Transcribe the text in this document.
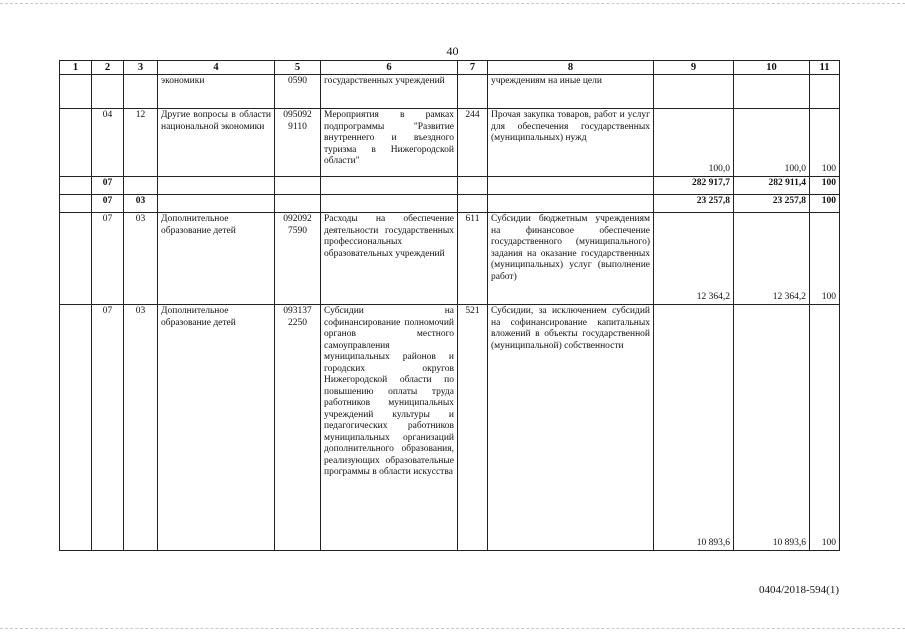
40
1	2	3	4	5	6	7	8	9	10	11
			экономики	0590	государственных учреждений		учреждениям на иные цели			
	04	12	Другие вопросы в области национальной экономики	095092 9110	Мероприятия в рамках подпрограммы "Развитие внутреннего и въездного туризма в Нижегородской области"	244	Прочая закупка товаров, работ и услуг для обеспечения государственных (муниципальных) нужд	100,0	100,0	100
	07							282 917,7	282 911,4	100
	07	03						23 257,8	23 257,8	100
	07	03	Дополнительное образование детей	092092 7590	Расходы на обеспечение деятельности государственных профессиональных образовательных учреждений	611	Субсидии бюджетным учреждениям на финансовое обеспечение государственного (муниципального) задания на оказание государственных (муниципальных) услуг (выполнение работ)	12 364,2	12 364,2	100
	07	03	Дополнительное образование детей	093137 2250	Субсидии на софинансирование полномочий органов местного самоуправления муниципальных районов и городских округов Нижегородской области по повышению оплаты труда работников муниципальных учреждений культуры и педагогических работников муниципальных организаций дополнительного образования, реализующих образовательные программы в области искусства	521	Субсидии, за исключением субсидий на софинансирование капитальных вложений в объекты государственной (муниципальной) собственности	10 893,6	10 893,6	100
0404/2018-594(1)
